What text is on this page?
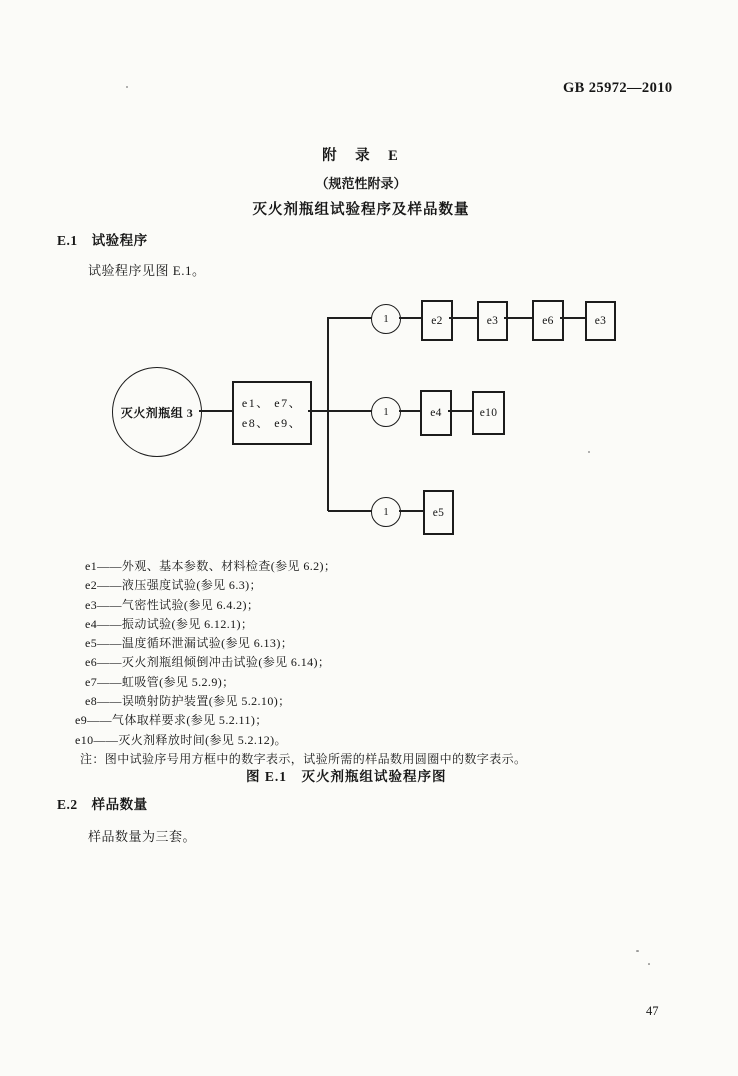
GB 25972—2010
附　录　E
（规范性附录）
灭火剂瓶组试验程序及样品数量
E.1　试验程序
试验程序见图 E.1。
灭火剂瓶组 3
e1、 e7、
e8、 e9、
1	e2	e3	e6	e3
1	e4	e10
1	e5
e1——外观、基本参数、材料检查(参见 6.2)；
e2——液压强度试验(参见 6.3)；
e3——气密性试验(参见 6.4.2)；
e4——振动试验(参见 6.12.1)；
e5——温度循环泄漏试验(参见 6.13)；
e6——灭火剂瓶组倾倒冲击试验(参见 6.14)；
e7——虹吸管(参见 5.2.9)；
e8——误喷射防护装置(参见 5.2.10)；
e9——气体取样要求(参见 5.2.11)；
e10——灭火剂释放时间(参见 5.2.12)。
注：图中试验序号用方框中的数字表示，试验所需的样品数用圆圈中的数字表示。
图 E.1　灭火剂瓶组试验程序图
E.2　样品数量
样品数量为三套。
47
